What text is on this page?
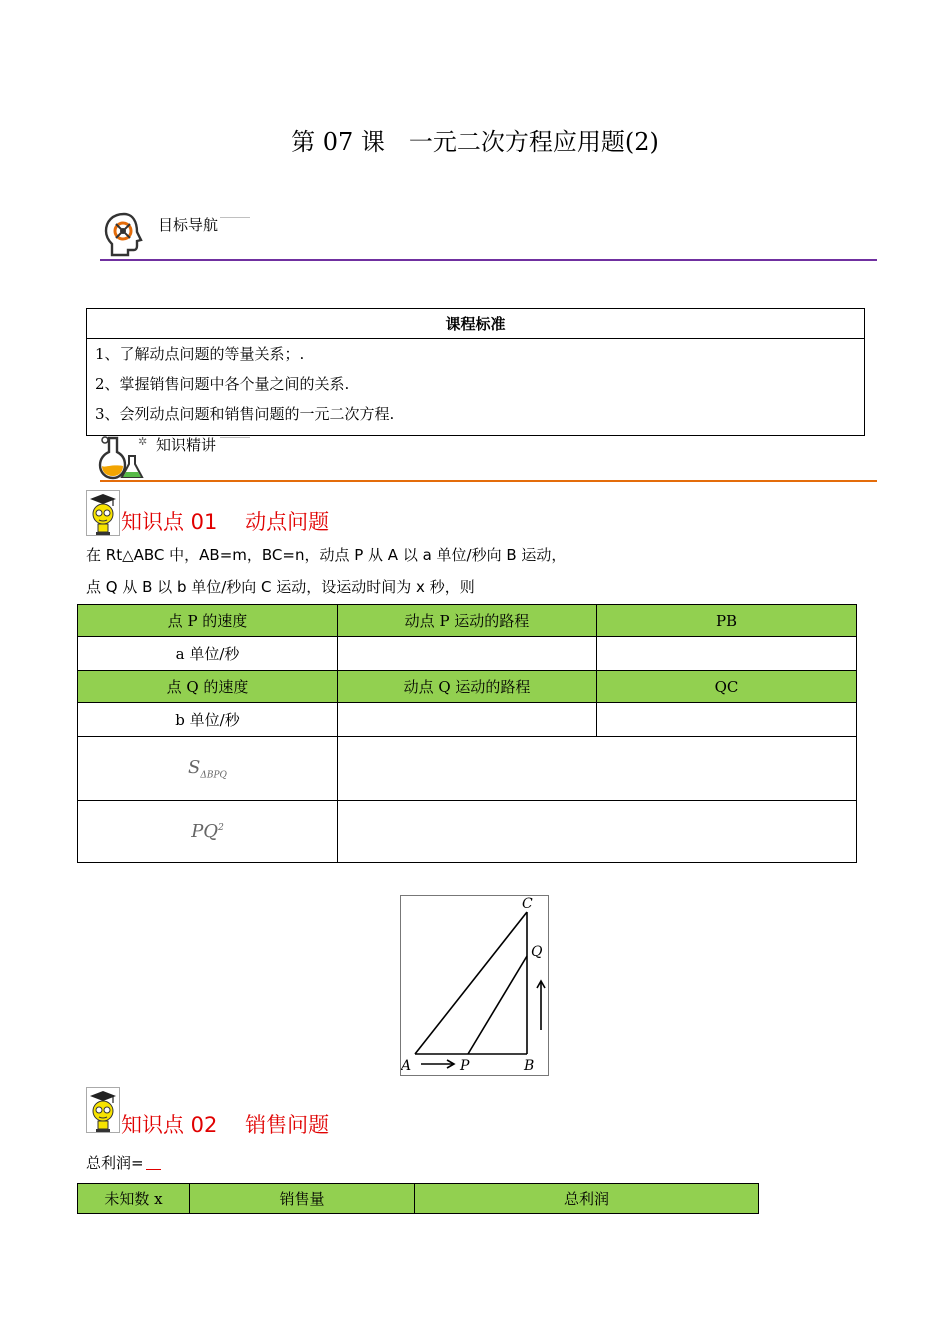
第 07 课　一元二次方程应用题(2)
目标导航
课程标准

1、了解动点问题的等量关系；.
2、掌握销售问题中各个量之间的关系.
3、会列动点问题和销售问题的一元二次方程.
✲ 知识精讲
知识点 01　 动点问题
在 Rt△ABC 中，AB=m，BC=n，动点 P 从 A 以 a 单位/秒向 B 运动，
点 Q 从 B 以 b 单位/秒向 C 运动，设运动时间为 x 秒，则
点 P 的速度	动点 P 运动的路程	PB
a 单位/秒		
点 Q 的速度	动点 Q 运动的路程	QC
b 单位/秒		
$S_{\Delta BPQ}$	
$PQ^2$	
A	P	B
C
Q
知识点 02　 销售问题
总利润=
未知数 x	销售量	总利润
